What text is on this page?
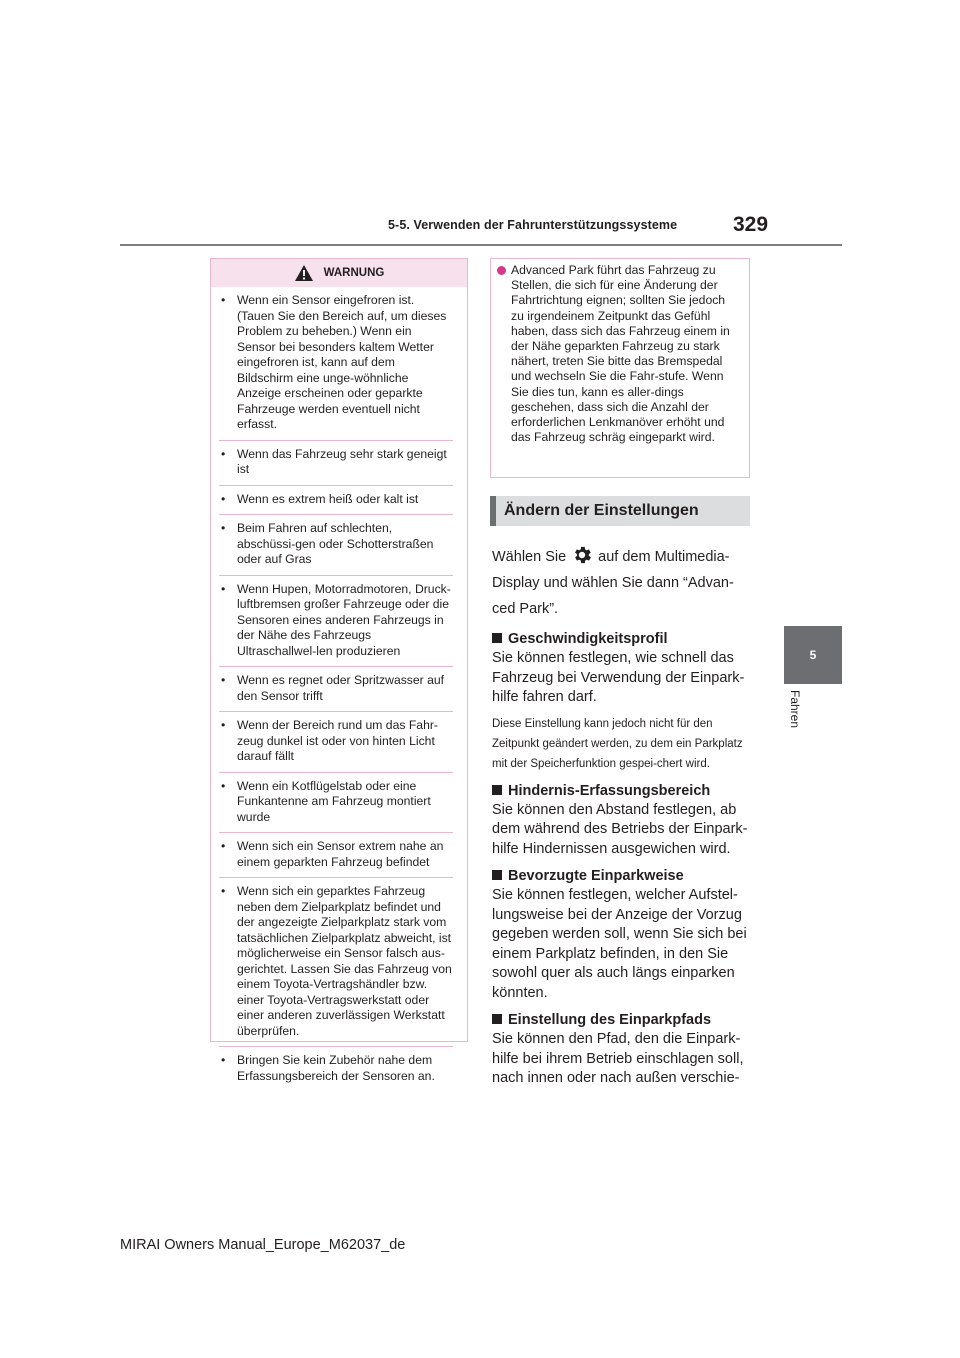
5-5. Verwenden der Fahrunterstützungssysteme	329
5
Fahren
WARNUNG
• Wenn ein Sensor eingefroren ist. (Tauen Sie den Bereich auf, um dieses Problem zu beheben.) Wenn ein Sensor bei besonders kaltem Wetter eingefroren ist, kann auf dem Bildschirm eine unge-wöhnliche Anzeige erscheinen oder geparkte Fahrzeuge werden eventuell nicht erfasst.
• Wenn das Fahrzeug sehr stark geneigt ist
• Wenn es extrem heiß oder kalt ist
• Beim Fahren auf schlechten, abschüssi-gen oder Schotterstraßen oder auf Gras
• Wenn Hupen, Motorradmotoren, Druck-luftbremsen großer Fahrzeuge oder die Sensoren eines anderen Fahrzeugs in der Nähe des Fahrzeugs Ultraschallwel-len produzieren
• Wenn es regnet oder Spritzwasser auf den Sensor trifft
• Wenn der Bereich rund um das Fahr-zeug dunkel ist oder von hinten Licht darauf fällt
• Wenn ein Kotflügelstab oder eine Funkantenne am Fahrzeug montiert wurde
• Wenn sich ein Sensor extrem nahe an einem geparkten Fahrzeug befindet
• Wenn sich ein geparktes Fahrzeug neben dem Zielparkplatz befindet und der angezeigte Zielparkplatz stark vom tatsächlichen Zielparkplatz abweicht, ist möglicherweise ein Sensor falsch aus-gerichtet. Lassen Sie das Fahrzeug von einem Toyota-Vertragshändler bzw. einer Toyota-Vertragswerkstatt oder einer anderen zuverlässigen Werkstatt überprüfen.
• Bringen Sie kein Zubehör nahe dem Erfassungsbereich der Sensoren an.
Advanced Park führt das Fahrzeug zu Stellen, die sich für eine Änderung der Fahrtrichtung eignen; sollten Sie jedoch zu irgendeinem Zeitpunkt das Gefühl haben, dass sich das Fahrzeug einem in der Nähe geparkten Fahrzeug zu stark nähert, treten Sie bitte das Bremspedal und wechseln Sie die Fahr-stufe. Wenn Sie dies tun, kann es aller-dings geschehen, dass sich die Anzahl der erforderlichen Lenkmanöver erhöht und das Fahrzeug schräg eingeparkt wird.
Ändern der Einstellungen

Wählen Sie auf dem Multimedia-Display und wählen Sie dann “Advan-ced Park”.

Geschwindigkeitsprofil

Sie können festlegen, wie schnell das Fahrzeug bei Verwendung der Einpark-hilfe fahren darf.

Diese Einstellung kann jedoch nicht für den Zeitpunkt geändert werden, zu dem ein Parkplatz mit der Speicherfunktion gespei-chert wird.

Hindernis-Erfassungsbereich

Sie können den Abstand festlegen, ab dem während des Betriebs der Einpark-hilfe Hindernissen ausgewichen wird.

Bevorzugte Einparkweise

Sie können festlegen, welcher Aufstel-lungsweise bei der Anzeige der Vorzug gegeben werden soll, wenn Sie sich bei einem Parkplatz befinden, in den Sie sowohl quer als auch längs einparken könnten.

Einstellung des Einparkpfads

Sie können den Pfad, den die Einpark-hilfe bei ihrem Betrieb einschlagen soll, nach innen oder nach außen verschie-

MIRAI Owners Manual_Europe_M62037_de
